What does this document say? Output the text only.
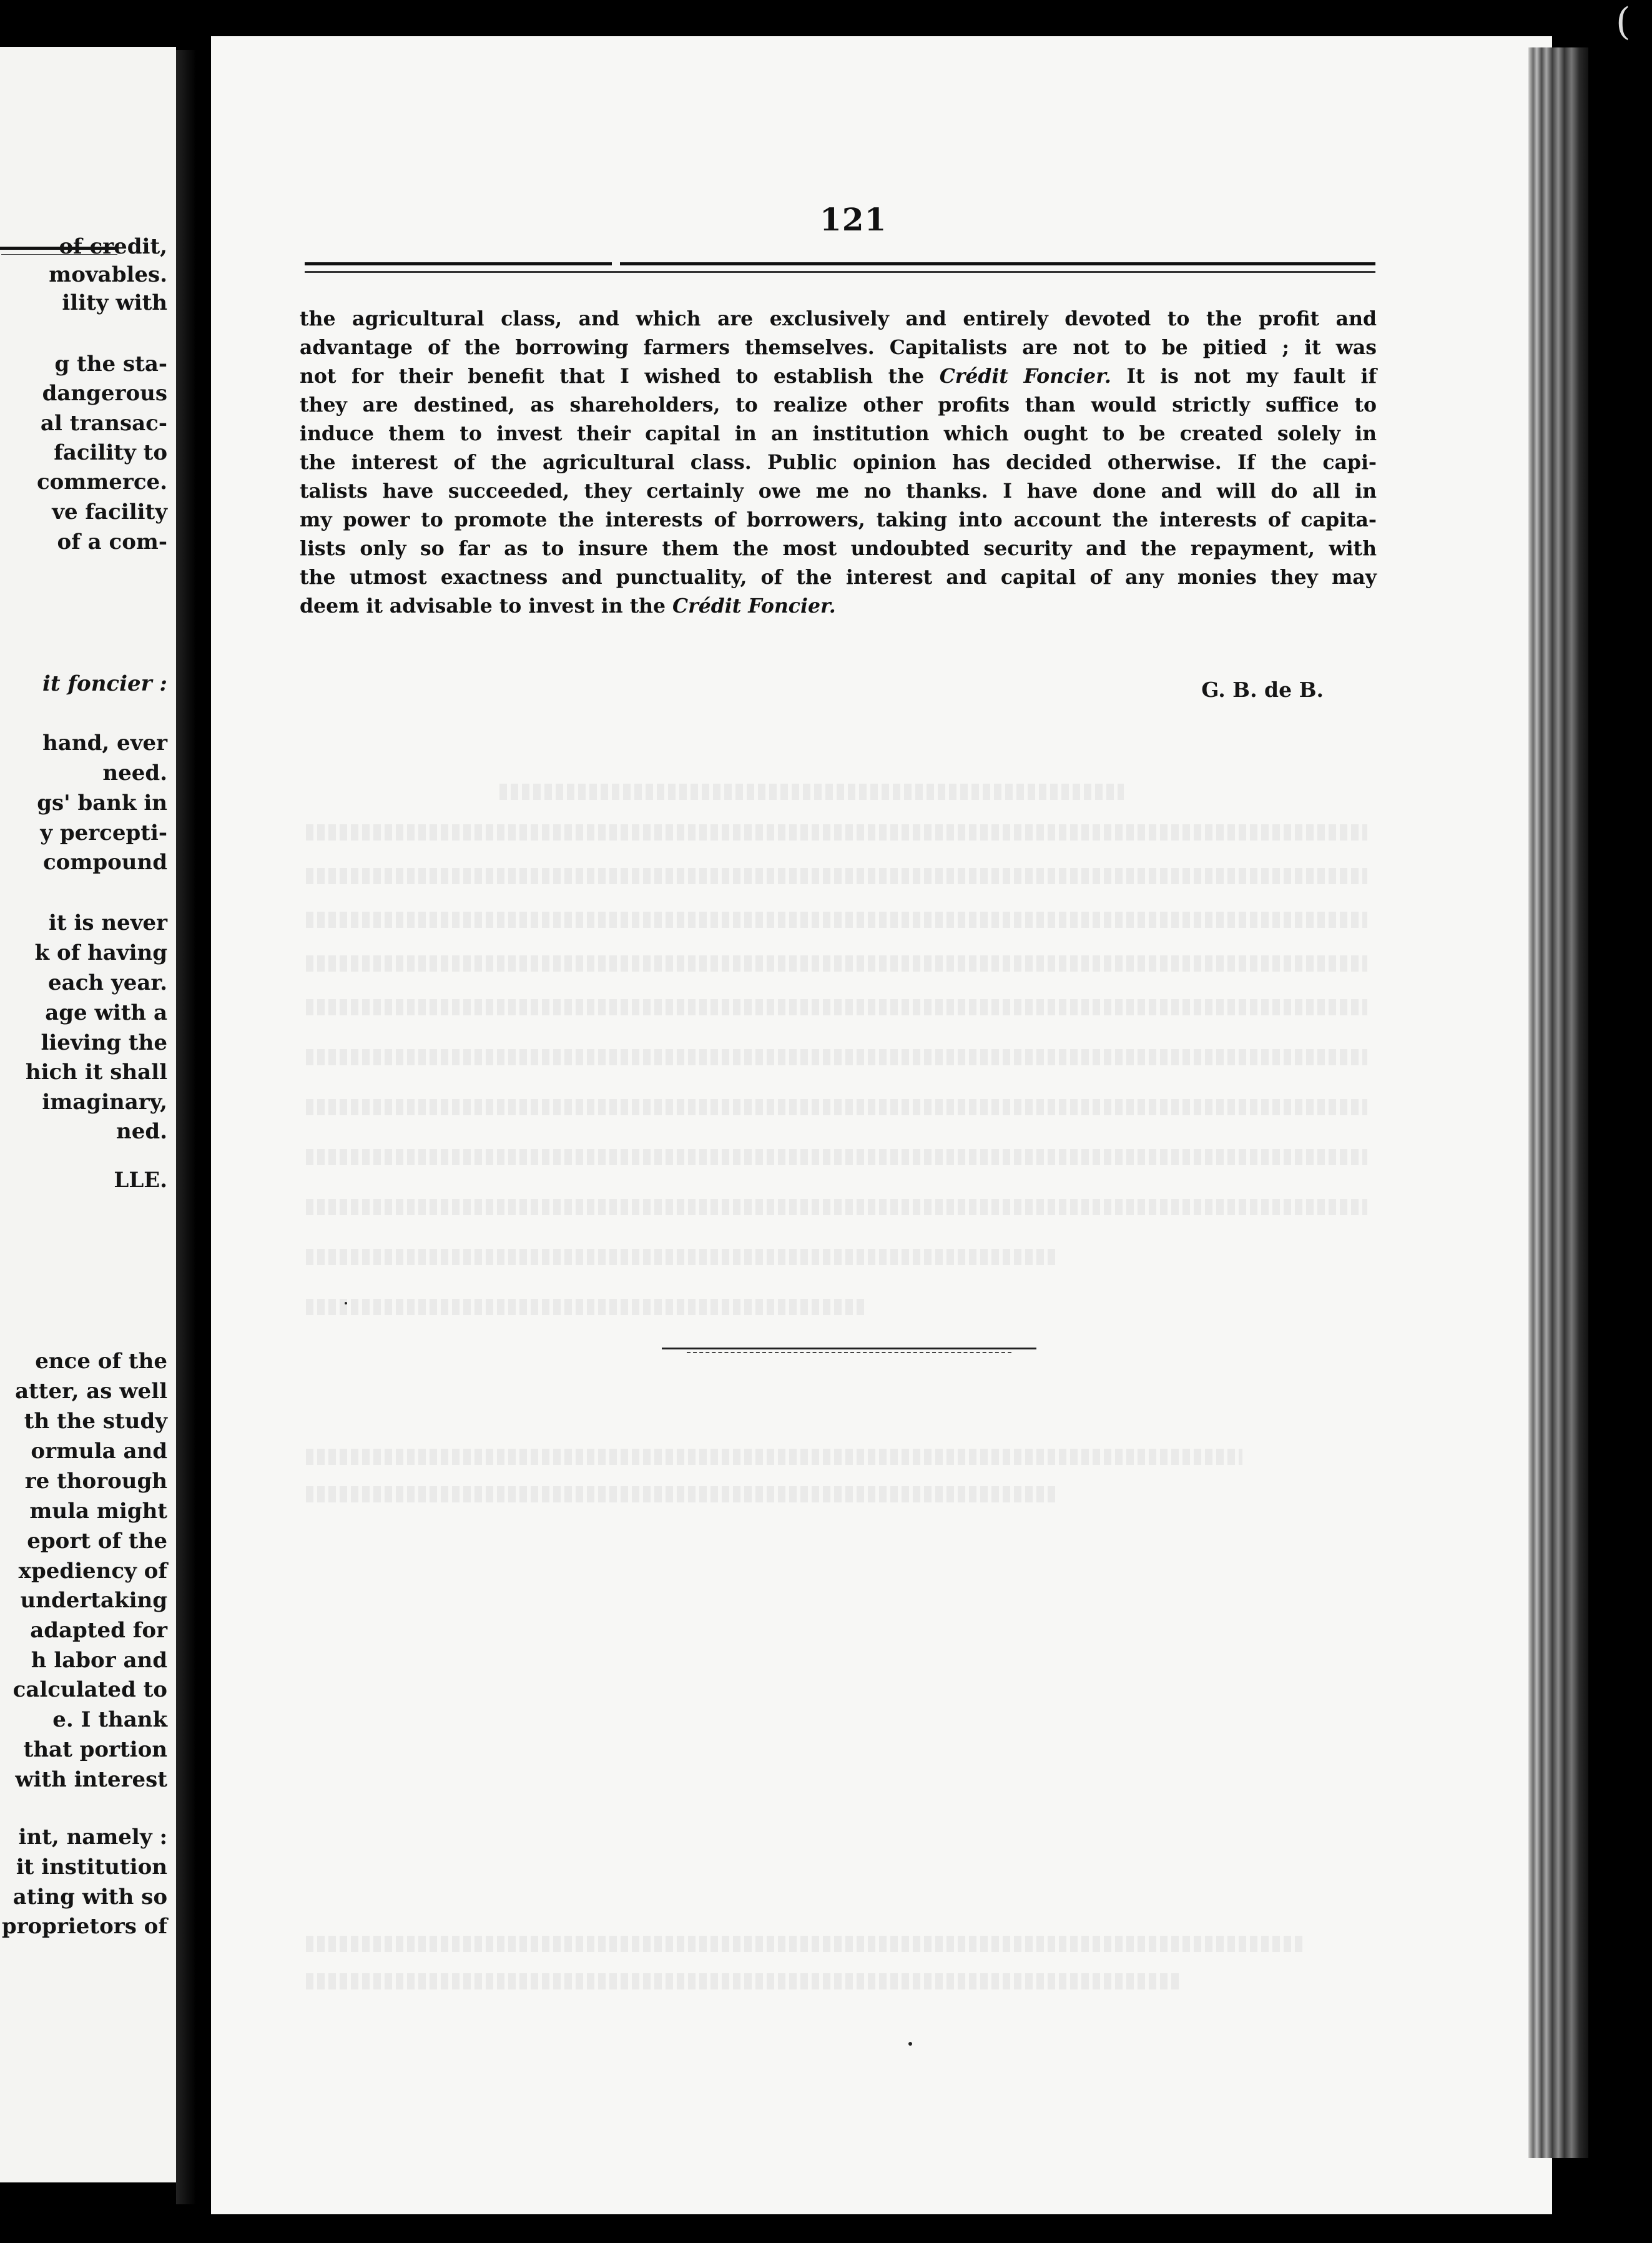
of credit,
movables.
ility with
g the sta-
dangerous
al transac-
facility to
commerce.
ve facility
of a com-
it foncier :
hand, ever
need.
gs' bank in
y percepti-
compound
it is never
k of having
each year.
age with a
lieving the
hich it shall
imaginary,
ned.
LLE.
ence of the
atter, as well
th the study
ormula and
re thorough
mula might
eport of the
xpediency of
undertaking
adapted for
h labor and
calculated to
e. I thank
that portion
with interest
int, namely :
it institution
ating with so
proprietors of
121
the agricultural class, and which are exclusively and entirely devoted to the profit and
advantage of the borrowing farmers themselves. Capitalists are not to be pitied ; it was
not for their benefit that I wished to establish the Crédit Foncier. It is not my fault if
they are destined, as shareholders, to realize other profits than would strictly suffice to
induce them to invest their capital in an institution which ought to be created solely in
the interest of the agricultural class. Public opinion has decided otherwise. If the capi-
talists have succeeded, they certainly owe me no thanks. I have done and will do all in
my power to promote the interests of borrowers, taking into account the interests of capita-
lists only so far as to insure them the most undoubted security and the repayment, with
the utmost exactness and punctuality, of the interest and capital of any monies they may
deem it advisable to invest in the Crédit Foncier.
G. B. de B.
(
